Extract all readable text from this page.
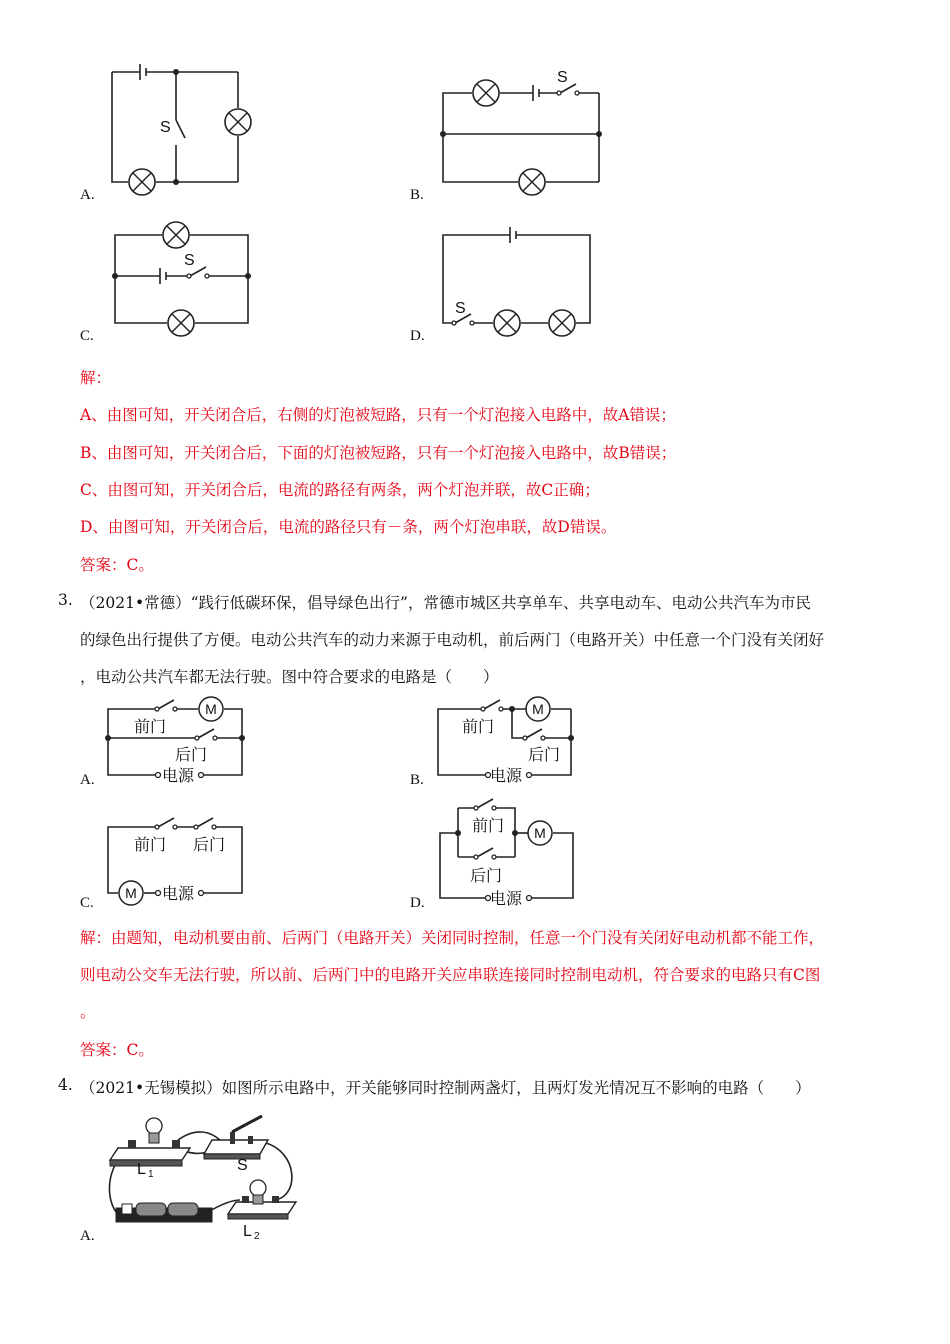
S
S
S
S
A.	B.
C.	D.
解：
A、由图可知，开关闭合后，右侧的灯泡被短路，只有一个灯泡接入电路中，故A错误；
B、由图可知，开关闭合后，下面的灯泡被短路，只有一个灯泡接入电路中，故B错误；
C、由图可知，开关闭合后，电流的路径有两条，两个灯泡并联，故C正确；
D、由图可知，开关闭合后，电流的路径只有－条，两个灯泡串联，故D错误。
答案：C。
3. （2021•常德）“践行低碳环保，倡导绿色出行”，常德市城区共享单车、共享电动车、电动公共汽车为市民
的绿色出行提供了方便。电动公共汽车的动力来源于电动机，前后两门（电路开关）中任意一个门没有关闭好
，电动公共汽车都无法行驶。图中符合要求的电路是（　　）
M
前门
后门
电源
M
前门
后门
电源
M
前门 后门
电源
M
前门
后门
电源
A.	B.
C.	D.
解：由题知，电动机要由前、后两门（电路开关）关闭同时控制，任意一个门没有关闭好电动机都不能工作，
则电动公交车无法行驶，所以前、后两门中的电路开关应串联连接同时控制电动机，符合要求的电路只有C图
。
答案：C。
4. （2021•无锡模拟）如图所示电路中，开关能够同时控制两盏灯，且两灯发光情况互不影响的电路（　　）
L 1
S
L 2
A.
